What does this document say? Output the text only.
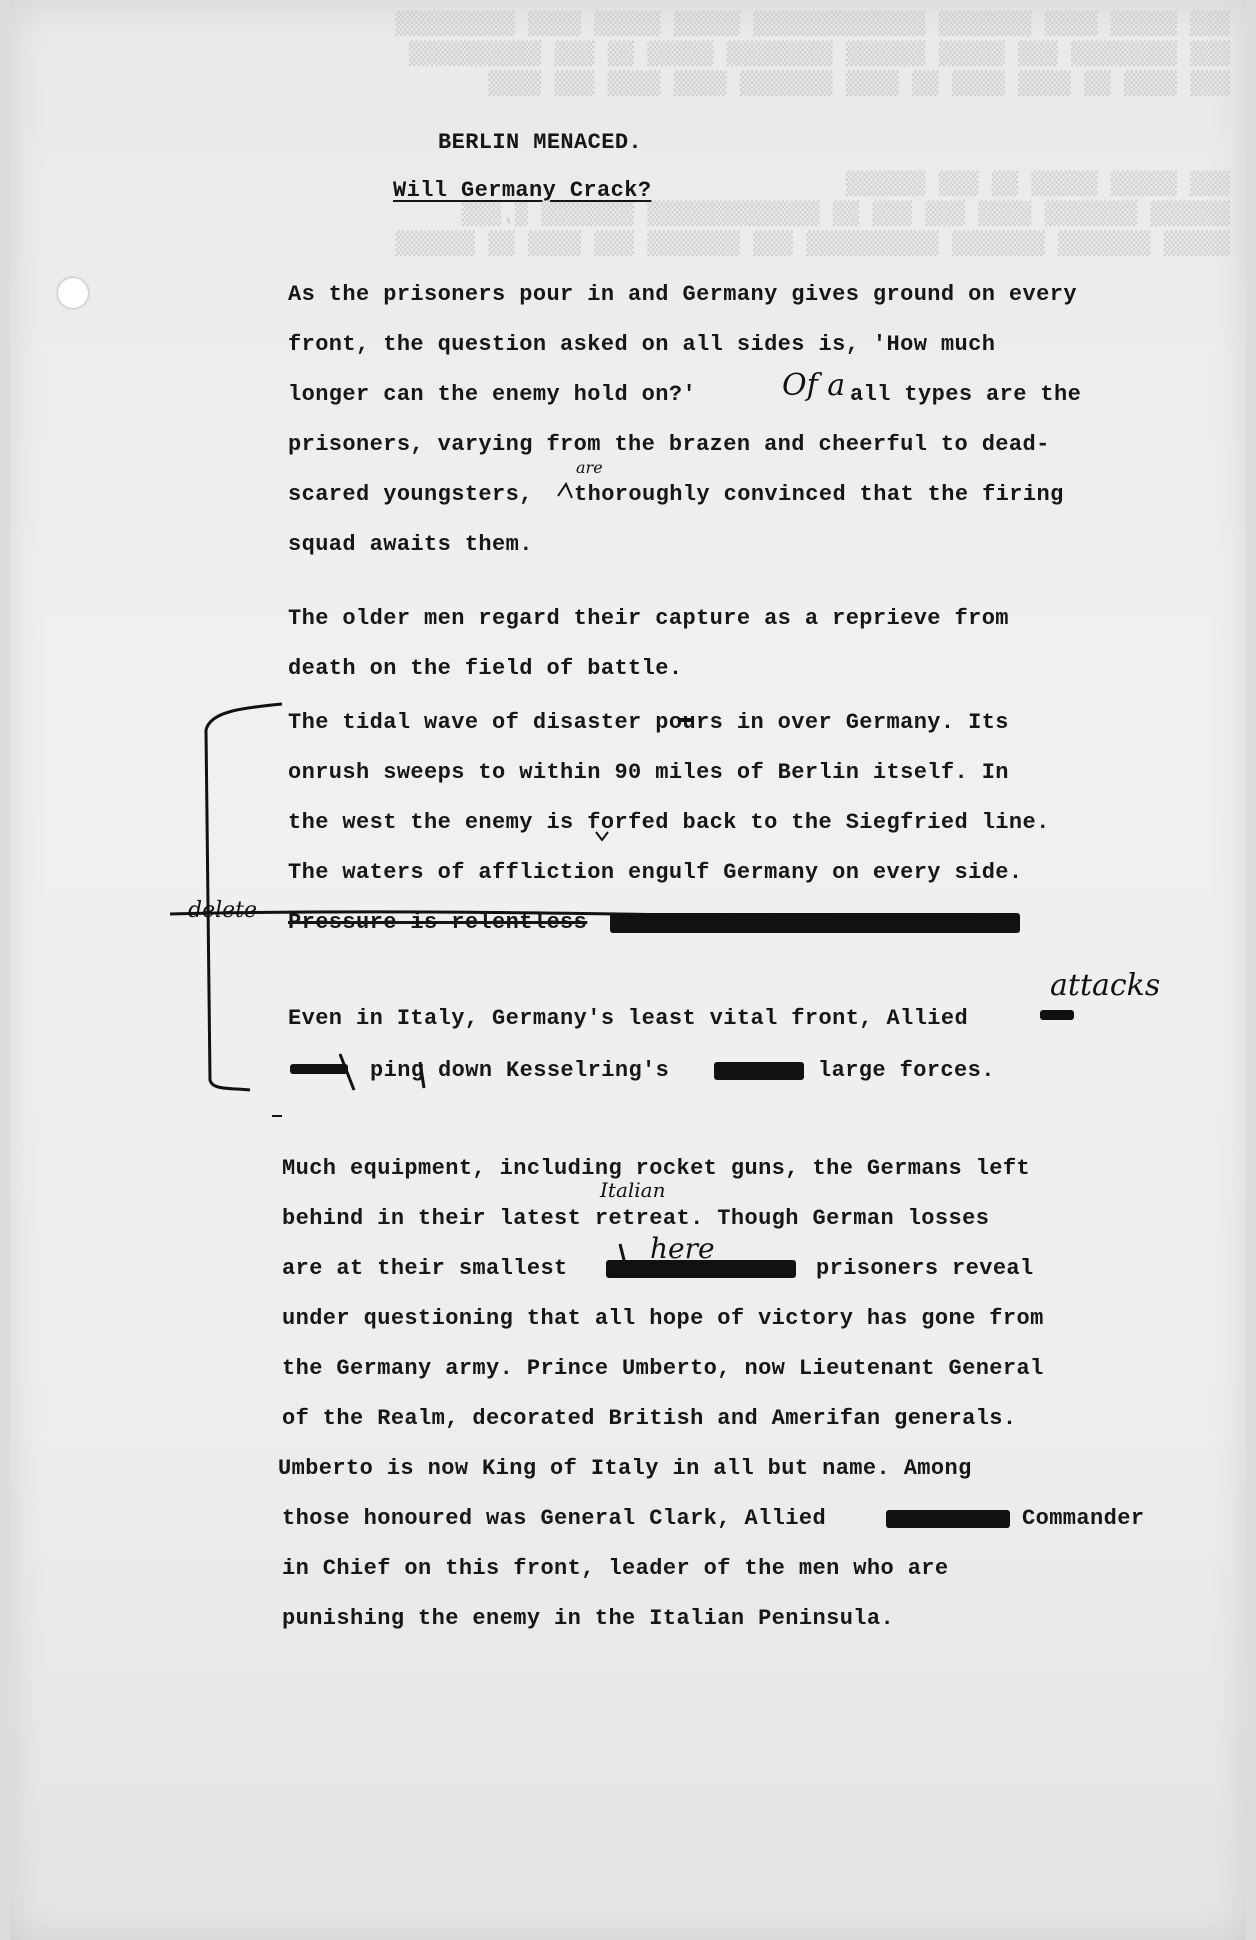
▒▒▒ ▒▒▒▒▒ ▒▒▒▒ ▒▒▒▒▒▒▒ ▒▒▒▒▒▒▒▒▒▒▒▒▒ ▒▒▒▒▒ ▒▒▒▒▒ ▒▒▒▒ ▒▒▒▒▒▒▒▒▒
▒▒▒ ▒▒▒▒▒▒▒▒ ▒▒▒ ▒▒▒▒▒ ▒▒▒▒▒▒ ▒▒▒▒▒▒▒▒ ▒▒▒▒▒ ▒▒ ▒▒▒ ▒▒▒▒▒▒▒▒▒▒
▒▒▒ ▒▒▒▒ ▒▒ ▒▒▒▒ ▒▒▒▒ ▒▒ ▒▒▒▒ ▒▒▒▒▒▒▒ ▒▒▒▒ ▒▒▒▒ ▒▒▒ ▒▒▒▒
▒▒▒ ▒▒▒▒▒ ▒▒▒▒▒ ▒▒ ▒▒▒ ▒▒▒▒▒▒
▒▒▒▒▒▒ ▒▒▒▒▒▒▒ ▒▒▒▒ ▒▒▒ ▒▒▒ ▒▒ ▒▒▒▒▒▒▒▒▒▒▒▒▒ ▒▒▒▒▒▒▒ ▒,▒▒▒
▒▒▒▒▒ ▒▒▒▒▒▒▒ ▒▒▒▒▒▒▒ ▒▒▒▒▒▒▒▒▒▒ ▒▒▒ ▒▒▒▒▒▒▒ ▒▒▒ ▒▒▒▒ ▒▒ ▒▒▒▒▒▒
BERLIN MENACED.
Will Germany Crack?
As the prisoners pour in and Germany gives ground on every
front, the question asked on all sides is, 'How much
longer can the enemy hold on?'	all types are the
prisoners, varying from the brazen and cheerful to dead-
scared youngsters, thoroughly convinced that the firing
squad awaits them.
The older men regard their capture as a reprieve from
death on the field of battle.
The tidal wave of disaster pours in over Germany. Its
onrush sweeps to within 90 miles of Berlin itself. In
the west the enemy is forfed back to the Siegfried line.
The waters of affliction engulf Germany on every side.
Pressure is relentless
Even in Italy, Germany's least vital front, Allied
ping down Kesselring's	large forces.
Much equipment, including rocket guns, the Germans left
behind in their latest retreat. Though German losses
are at their smallest	prisoners reveal
under questioning that all hope of victory has gone from
the Germany army. Prince Umberto, now Lieutenant General
of the Realm, decorated British and Amerifan generals.
Umberto is now King of Italy in all but name. Among
those honoured was General Clark, Allied	Commander
in Chief on this front, leader of the men who are
punishing the enemy in the Italian Peninsula.
Of a
are
attacks
Italian
here
delete
